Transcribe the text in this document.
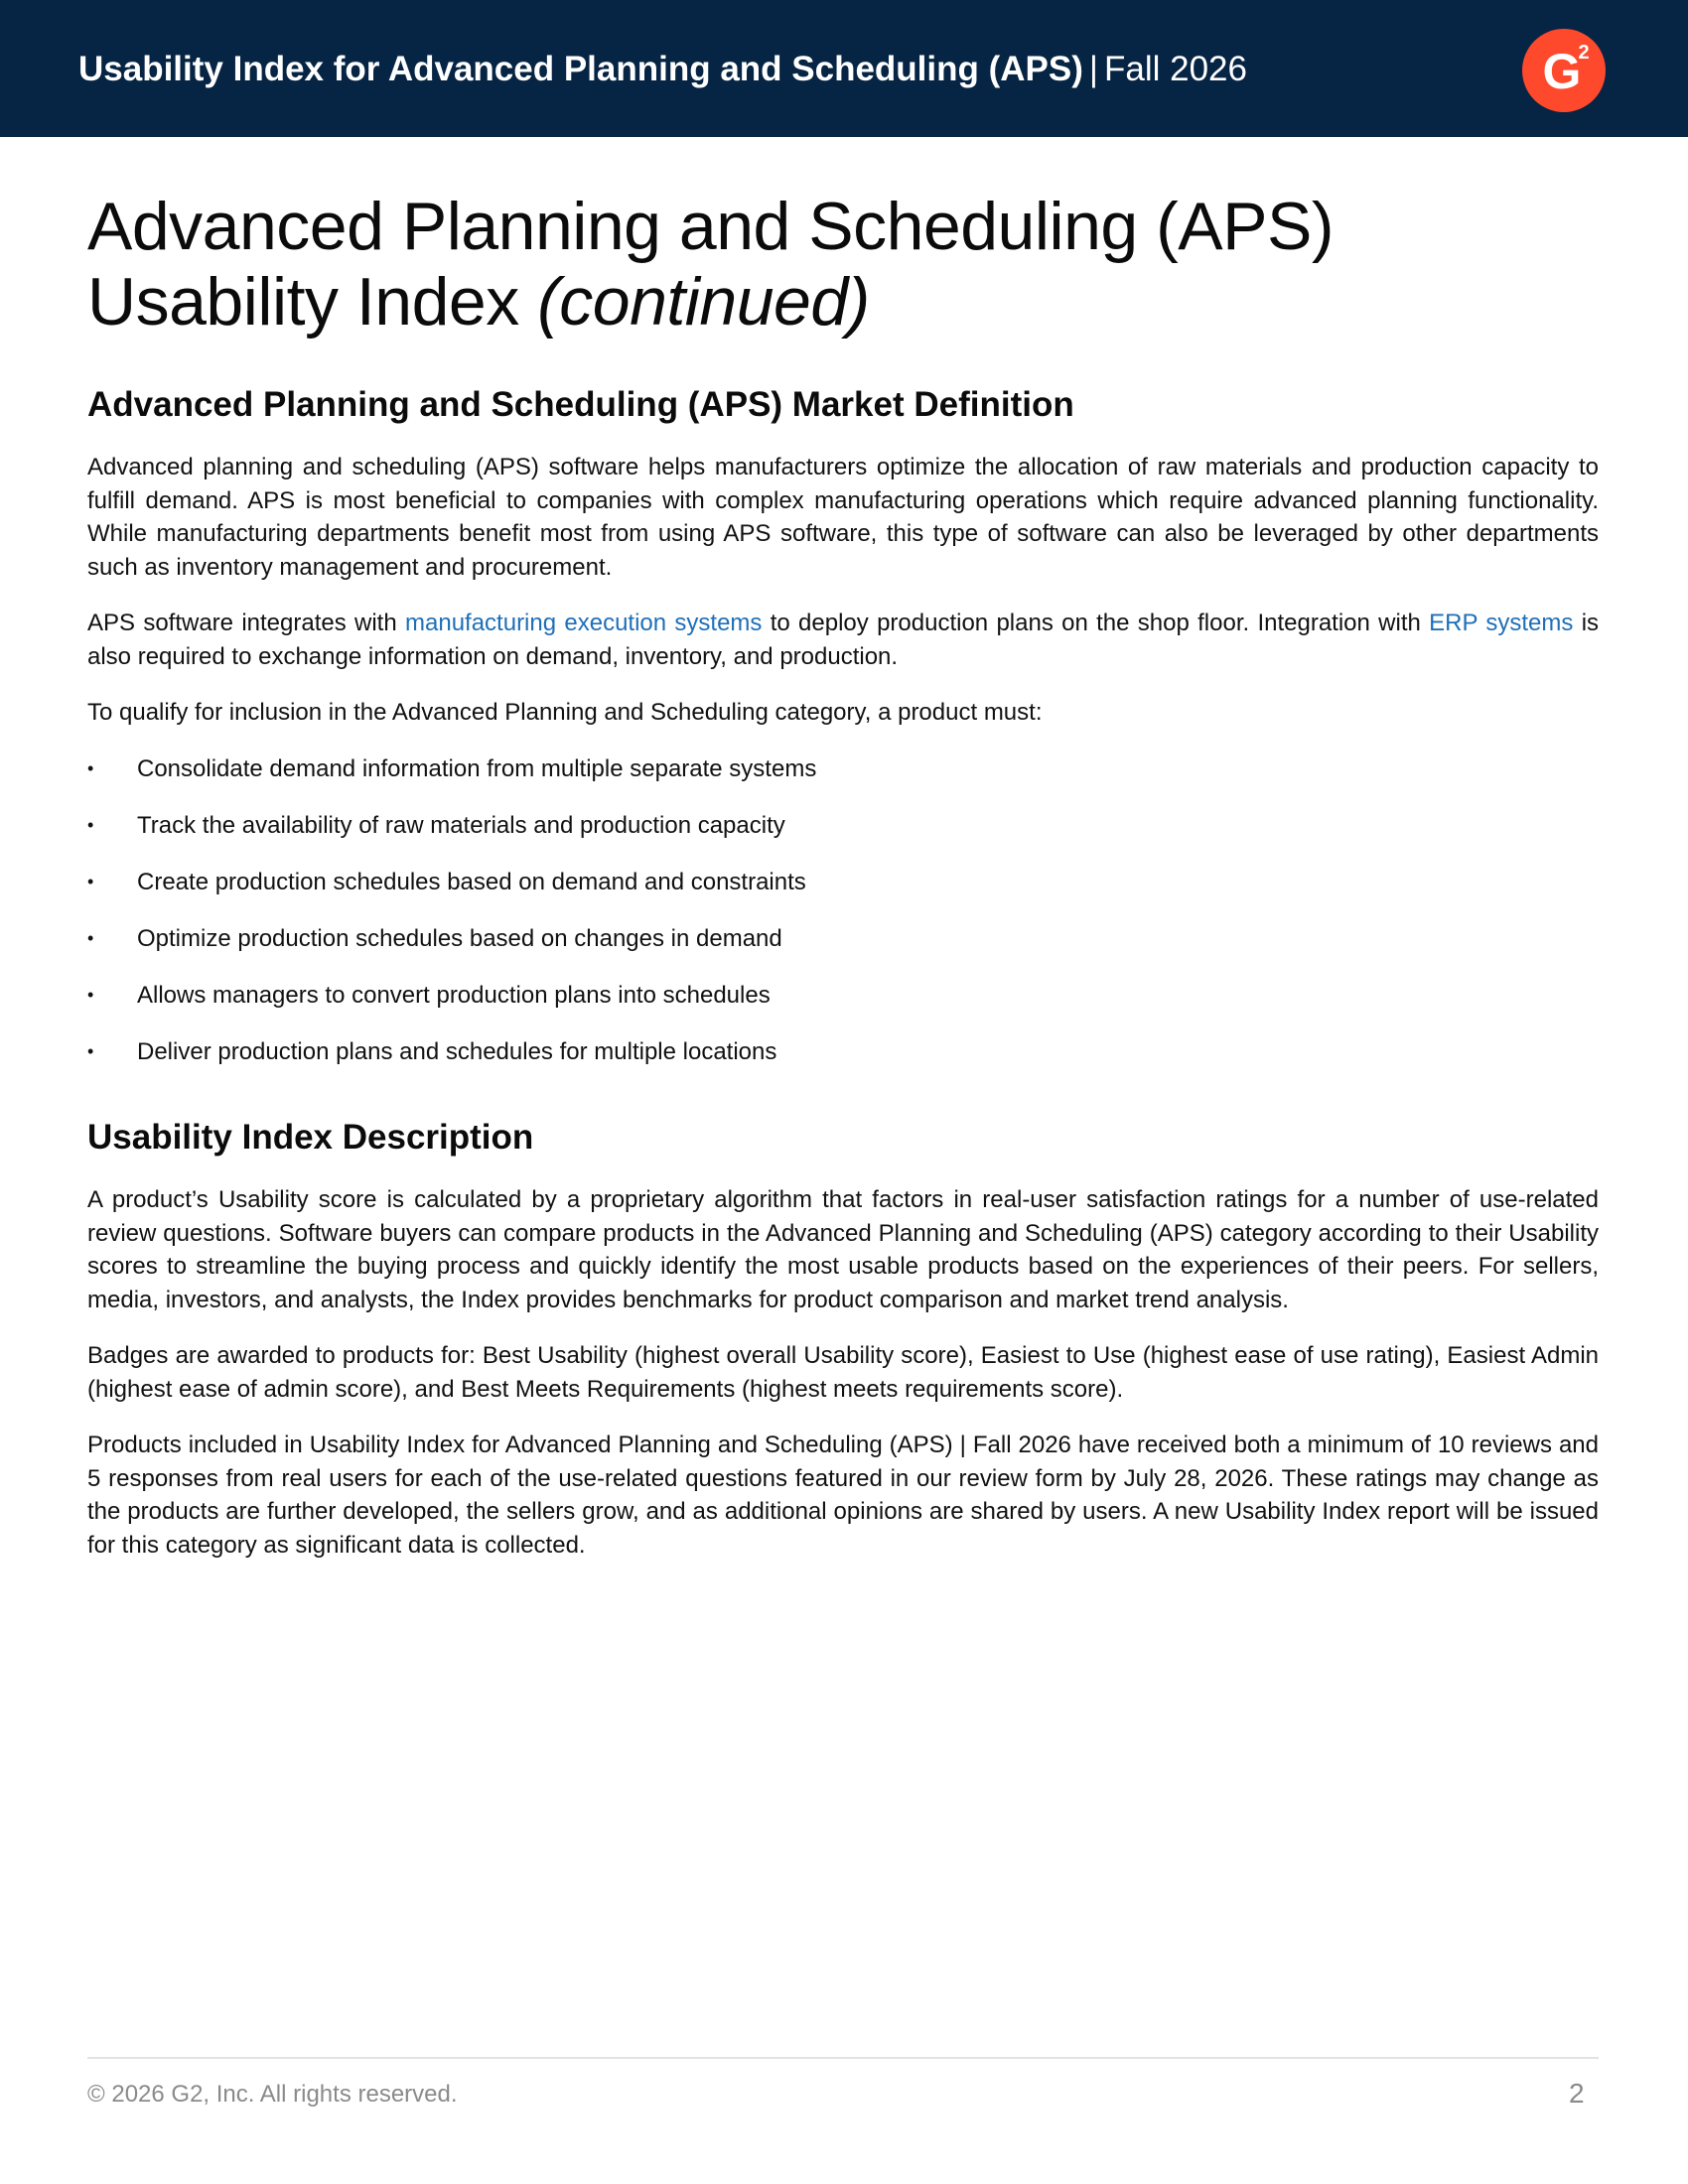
Usability Index for Advanced Planning and Scheduling (APS) | Fall 2026	G
2
Advanced Planning and Scheduling (APS)
Usability Index (continued)
Advanced Planning and Scheduling (APS) Market Definition

Advanced planning and scheduling (APS) software helps manufacturers optimize the allocation of raw materials and production capacity to fulfill demand. APS is most beneficial to companies with complex manufacturing operations which require advanced planning functionality. While manufacturing departments benefit most from using APS software, this type of software can also be leveraged by other departments such as inventory management and procurement.

APS software integrates with manufacturing execution systems to deploy production plans on the shop floor. Integration with ERP systems is also required to exchange information on demand, inventory, and production.

To qualify for inclusion in the Advanced Planning and Scheduling category, a product must:

• Consolidate demand information from multiple separate systems
• Track the availability of raw materials and production capacity
• Create production schedules based on demand and constraints
• Optimize production schedules based on changes in demand
• Allows managers to convert production plans into schedules
• Deliver production plans and schedules for multiple locations
Usability Index Description

A product’s Usability score is calculated by a proprietary algorithm that factors in real-user satisfaction ratings for a number of use-related review questions. Software buyers can compare products in the Advanced Planning and Scheduling (APS) category according to their Usability scores to streamline the buying process and quickly identify the most usable products based on the experiences of their peers. For sellers, media, investors, and analysts, the Index provides benchmarks for product comparison and market trend analysis.

Badges are awarded to products for: Best Usability (highest overall Usability score), Easiest to Use (highest ease of use rating), Easiest Admin (highest ease of admin score), and Best Meets Requirements (highest meets requirements score).

Products included in Usability Index for Advanced Planning and Scheduling (APS) | Fall 2026 have received both a minimum of 10 reviews and 5 responses from real users for each of the use-related questions featured in our review form by July 28, 2026. These ratings may change as the products are further developed, the sellers grow, and as additional opinions are shared by users. A new Usability Index report will be issued for this category as significant data is collected.

© 2026 G2, Inc. All rights reserved.	2
